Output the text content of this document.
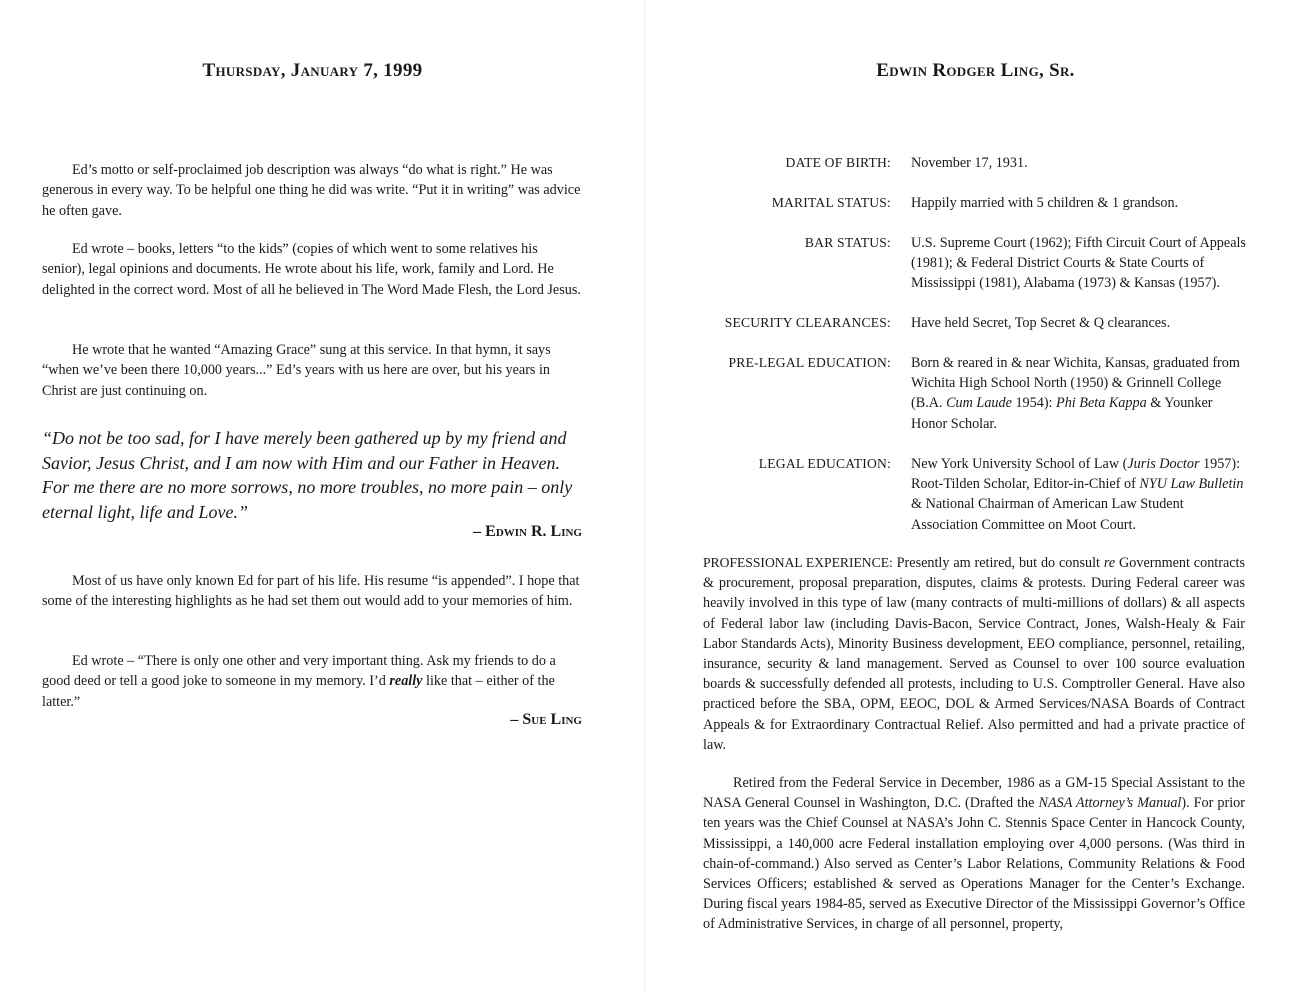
Thursday, January 7, 1999

Ed’s motto or self-proclaimed job description was always “do what is right.” He was generous in every way. To be helpful one thing he did was write. “Put it in writing” was advice he often gave.

Ed wrote – books, letters “to the kids” (copies of which went to some relatives his senior), legal opinions and documents. He wrote about his life, work, family and Lord. He delighted in the correct word. Most of all he believed in The Word Made Flesh, the Lord Jesus.

He wrote that he wanted “Amazing Grace” sung at this service. In that hymn, it says “when we’ve been there 10,000 years...” Ed’s years with us here are over, but his years in Christ are just continuing on.

“Do not be too sad, for I have merely been gathered up by my friend and Savior, Jesus Christ, and I am now with Him and our Father in Heaven. For me there are no more sorrows, no more troubles, no more pain – only eternal light, life and Love.”

– Edwin R. Ling

Most of us have only known Ed for part of his life. His resume “is appended”. I hope that some of the interesting highlights as he had set them out would add to your memories of him.

Ed wrote – “There is only one other and very important thing. Ask my friends to do a good deed or tell a good joke to someone in my memory. I’d really like that – either of the latter.”

– Sue Ling
Edwin Rodger Ling, Sr.
DATE OF BIRTH: November 17, 1931.
MARITAL STATUS: Happily married with 5 children & 1 grandson.
BAR STATUS: U.S. Supreme Court (1962); Fifth Circuit Court of Appeals (1981); & Federal District Courts & State Courts of Mississippi (1981), Alabama (1973) & Kansas (1957).
SECURITY CLEARANCES: Have held Secret, Top Secret & Q clearances.
PRE-LEGAL EDUCATION: Born & reared in & near Wichita, Kansas, graduated from Wichita High School North (1950) & Grinnell College (B.A. Cum Laude 1954): Phi Beta Kappa & Younker Honor Scholar.
LEGAL EDUCATION: New York University School of Law (Juris Doctor 1957): Root-Tilden Scholar, Editor-in-Chief of NYU Law Bulletin & National Chairman of American Law Student Association Committee on Moot Court.

PROFESSIONAL EXPERIENCE: Presently am retired, but do consult re Government contracts & procurement, proposal preparation, disputes, claims & protests. During Federal career was heavily involved in this type of law (many contracts of multi-millions of dollars) & all aspects of Federal labor law (including Davis-Bacon, Service Contract, Jones, Walsh-Healy & Fair Labor Standards Acts), Minority Business development, EEO compliance, personnel, retailing, insurance, security & land management. Served as Counsel to over 100 source evaluation boards & successfully defended all protests, including to U.S. Comptroller General. Have also practiced before the SBA, OPM, EEOC, DOL & Armed Services/NASA Boards of Contract Appeals & for Extraordinary Contractual Relief. Also permitted and had a private practice of law.

Retired from the Federal Service in December, 1986 as a GM-15 Special Assistant to the NASA General Counsel in Washington, D.C. (Drafted the NASA Attorney’s Manual). For prior ten years was the Chief Counsel at NASA’s John C. Stennis Space Center in Hancock County, Mississippi, a 140,000 acre Federal installation employing over 4,000 persons. (Was third in chain-of-command.) Also served as Center’s Labor Relations, Community Relations & Food Services Officers; established & served as Operations Manager for the Center’s Exchange. During fiscal years 1984-85, served as Executive Director of the Mississippi Governor’s Office of Administrative Services, in charge of all personnel, property,
